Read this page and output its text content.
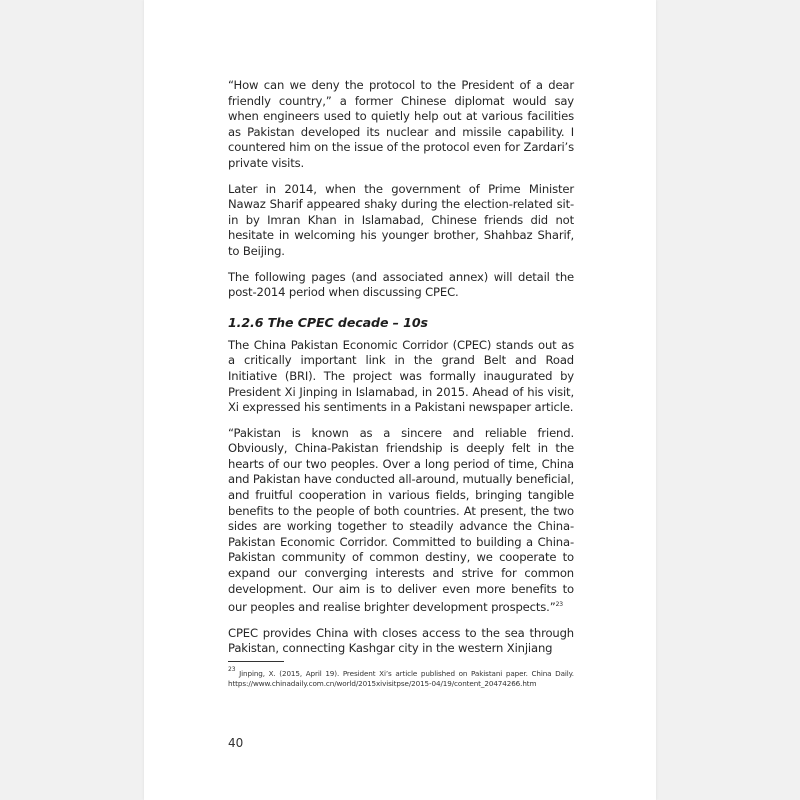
“How can we deny the protocol to the President of a dear friendly country,” a former Chinese diplomat would say when engineers used to quietly help out at various facilities as Pakistan developed its nuclear and missile capability. I countered him on the issue of the protocol even for Zardari’s private visits.

Later in 2014, when the government of Prime Minister Nawaz Sharif appeared shaky during the election-related sit-in by Imran Khan in Islamabad, Chinese friends did not hesitate in welcoming his younger brother, Shahbaz Sharif, to Beijing.

The following pages (and associated annex) will detail the post-2014 period when discussing CPEC.

1.2.6 The CPEC decade – 10s

The China Pakistan Economic Corridor (CPEC) stands out as a critically important link in the grand Belt and Road Initiative (BRI). The project was formally inaugurated by President Xi Jinping in Islamabad, in 2015. Ahead of his visit, Xi expressed his sentiments in a Pakistani newspaper article.

“Pakistan is known as a sincere and reliable friend. Obviously, China-Pakistan friendship is deeply felt in the hearts of our two peoples. Over a long period of time, China and Pakistan have conducted all-around, mutually beneficial, and fruitful cooperation in various fields, bringing tangible benefits to the people of both countries. At present, the two sides are working together to steadily advance the China-Pakistan Economic Corridor. Committed to building a China-Pakistan community of common destiny, we cooperate to expand our converging interests and strive for common development. Our aim is to deliver even more benefits to our peoples and realise brighter development prospects.”$^{23}$

CPEC provides China with closes access to the sea through Pakistan, connecting Kashgar city in the western Xinjiang

$^{23}$ Jinping, X. (2015, April 19). President Xi’s article published on Pakistani paper. China Daily. https://www.chinadaily.com.cn/world/2015xivisitpse/2015-04/19/content_20474266.htm

40
